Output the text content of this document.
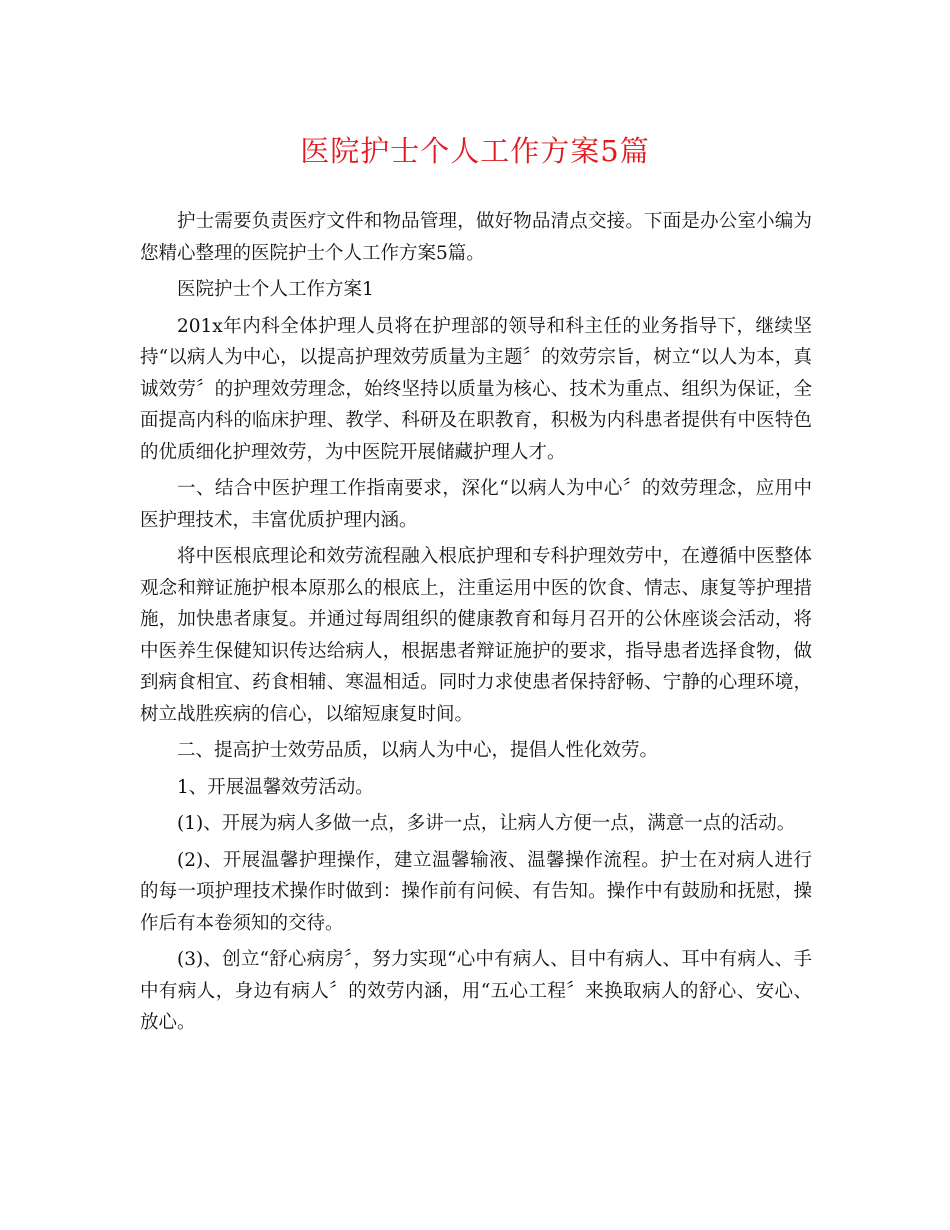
医院护士个人工作方案5篇

护士需要负责医疗文件和物品管理，做好物品清点交接。下面是办公室小编为您精心整理的医院护士个人工作方案5篇。

医院护士个人工作方案1

201x年内科全体护理人员将在护理部的领导和科主任的业务指导下，继续坚持“以病人为中心，以提高护理效劳质量为主题〞的效劳宗旨，树立“以人为本，真诚效劳〞的护理效劳理念，始终坚持以质量为核心、技术为重点、组织为保证，全面提高内科的临床护理、教学、科研及在职教育，积极为内科患者提供有中医特色的优质细化护理效劳，为中医院开展储藏护理人才。

一、结合中医护理工作指南要求，深化“以病人为中心〞的效劳理念，应用中医护理技术，丰富优质护理内涵。

将中医根底理论和效劳流程融入根底护理和专科护理效劳中，在遵循中医整体观念和辩证施护根本原那么的根底上，注重运用中医的饮食、情志、康复等护理措施，加快患者康复。并通过每周组织的健康教育和每月召开的公休座谈会活动，将中医养生保健知识传达给病人，根据患者辩证施护的要求，指导患者选择食物，做到病食相宜、药食相辅、寒温相适。同时力求使患者保持舒畅、宁静的心理环境，树立战胜疾病的信心，以缩短康复时间。

二、提高护士效劳品质，以病人为中心，提倡人性化效劳。

1、开展温馨效劳活动。

(1)、开展为病人多做一点，多讲一点，让病人方便一点，满意一点的活动。

(2)、开展温馨护理操作，建立温馨输液、温馨操作流程。护士在对病人进行的每一项护理技术操作时做到：操作前有问候、有告知。操作中有鼓励和抚慰，操作后有本卷须知的交待。

(3)、创立“舒心病房〞，努力实现“心中有病人、目中有病人、耳中有病人、手中有病人，身边有病人〞的效劳内涵，用“五心工程〞来换取病人的舒心、安心、放心。
